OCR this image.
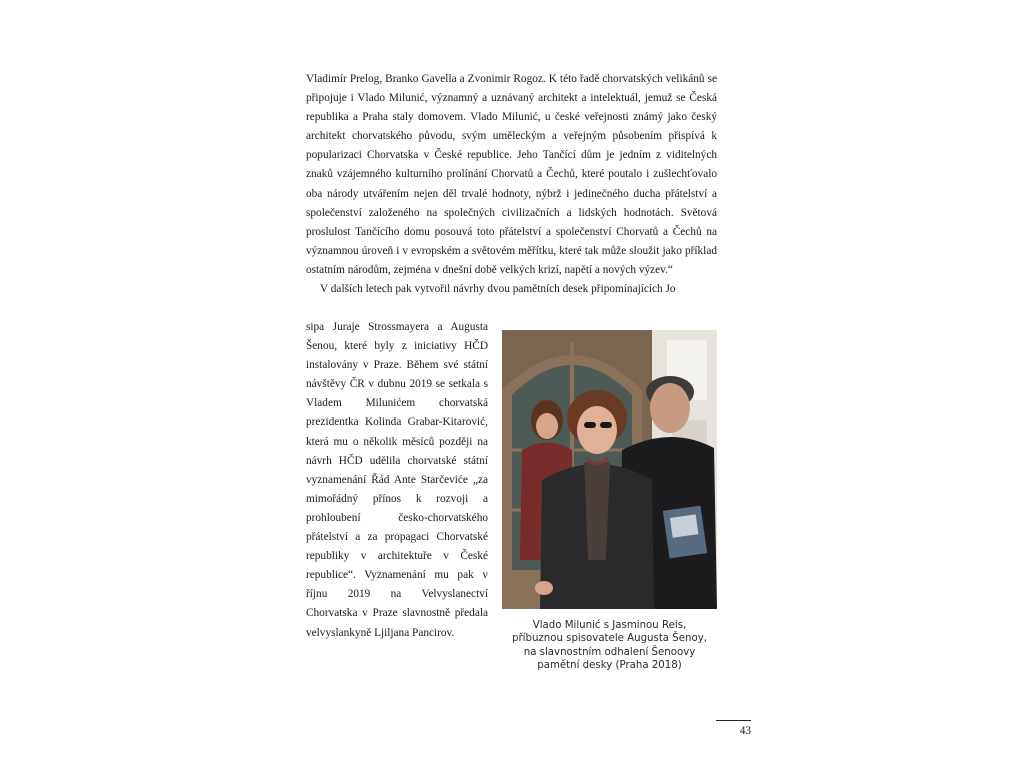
Vladimír Prelog, Branko Gavella a Zvonimir Rogoz. K této řadě chorvatských velikánů se připojuje i Vlado Milunić, významný a uznávaný architekt a intelektuál, jemuž se Česká republika a Praha staly domovem. Vlado Milunić, u české veřejnosti známý jako český architekt chorvatského původu, svým uměleckým a veřejným působením přispívá k popularizaci Chorvatska v České republice. Jeho Tančící dům je jedním z viditelných znaků vzájemného kulturního prolínání Chorvatů a Čechů, které poutalo i zušlechťovalo oba národy utvářením nejen děl trvalé hodnoty, nýbrž i jedinečného ducha přátelství a společenství založeného na společných civilizačních a lidských hodnotách. Světová proslulost Tančícího domu posouvá toto přátelství a společenství Chorvatů a Čechů na významnou úroveň i v evropském a světovém měřítku, které tak může sloužit jako příklad ostatním národům, zejména v dnešní době velkých krizí, napětí a nových výzev.“

V dalších letech pak vytvořil návrhy dvou pamětních desek připomínajících Jo

sipa Juraje Strossmayera a Augusta Šenou, které byly z iniciativy HČD instalovány v Praze. Během své státní návštěvy ČR v dubnu 2019 se setkala s Vladem Milunićem chorvatská prezidentka Kolinda Grabar-Kitarović, která mu o několik měsíců později na návrh HČD udělila chorvatské státní vyznamenání Řád Ante Starčeviće „za mimořádný přínos k rozvoji a prohloubení česko-chorvatského přátelství a za propagaci Chorvatské republiky v architektuře v České republice“. Vyznamenání mu pak v říjnu 2019 na Velvyslanectví Chorvatska v Praze slavnostně předala velvyslankyně Ljiljana Pancirov.

Vlado Milunić s Jasminou Reis,
příbuznou spisovatele Augusta Šenoy,
na slavnostním odhalení Šenoovy
pamětní desky (Praha 2018)
43
